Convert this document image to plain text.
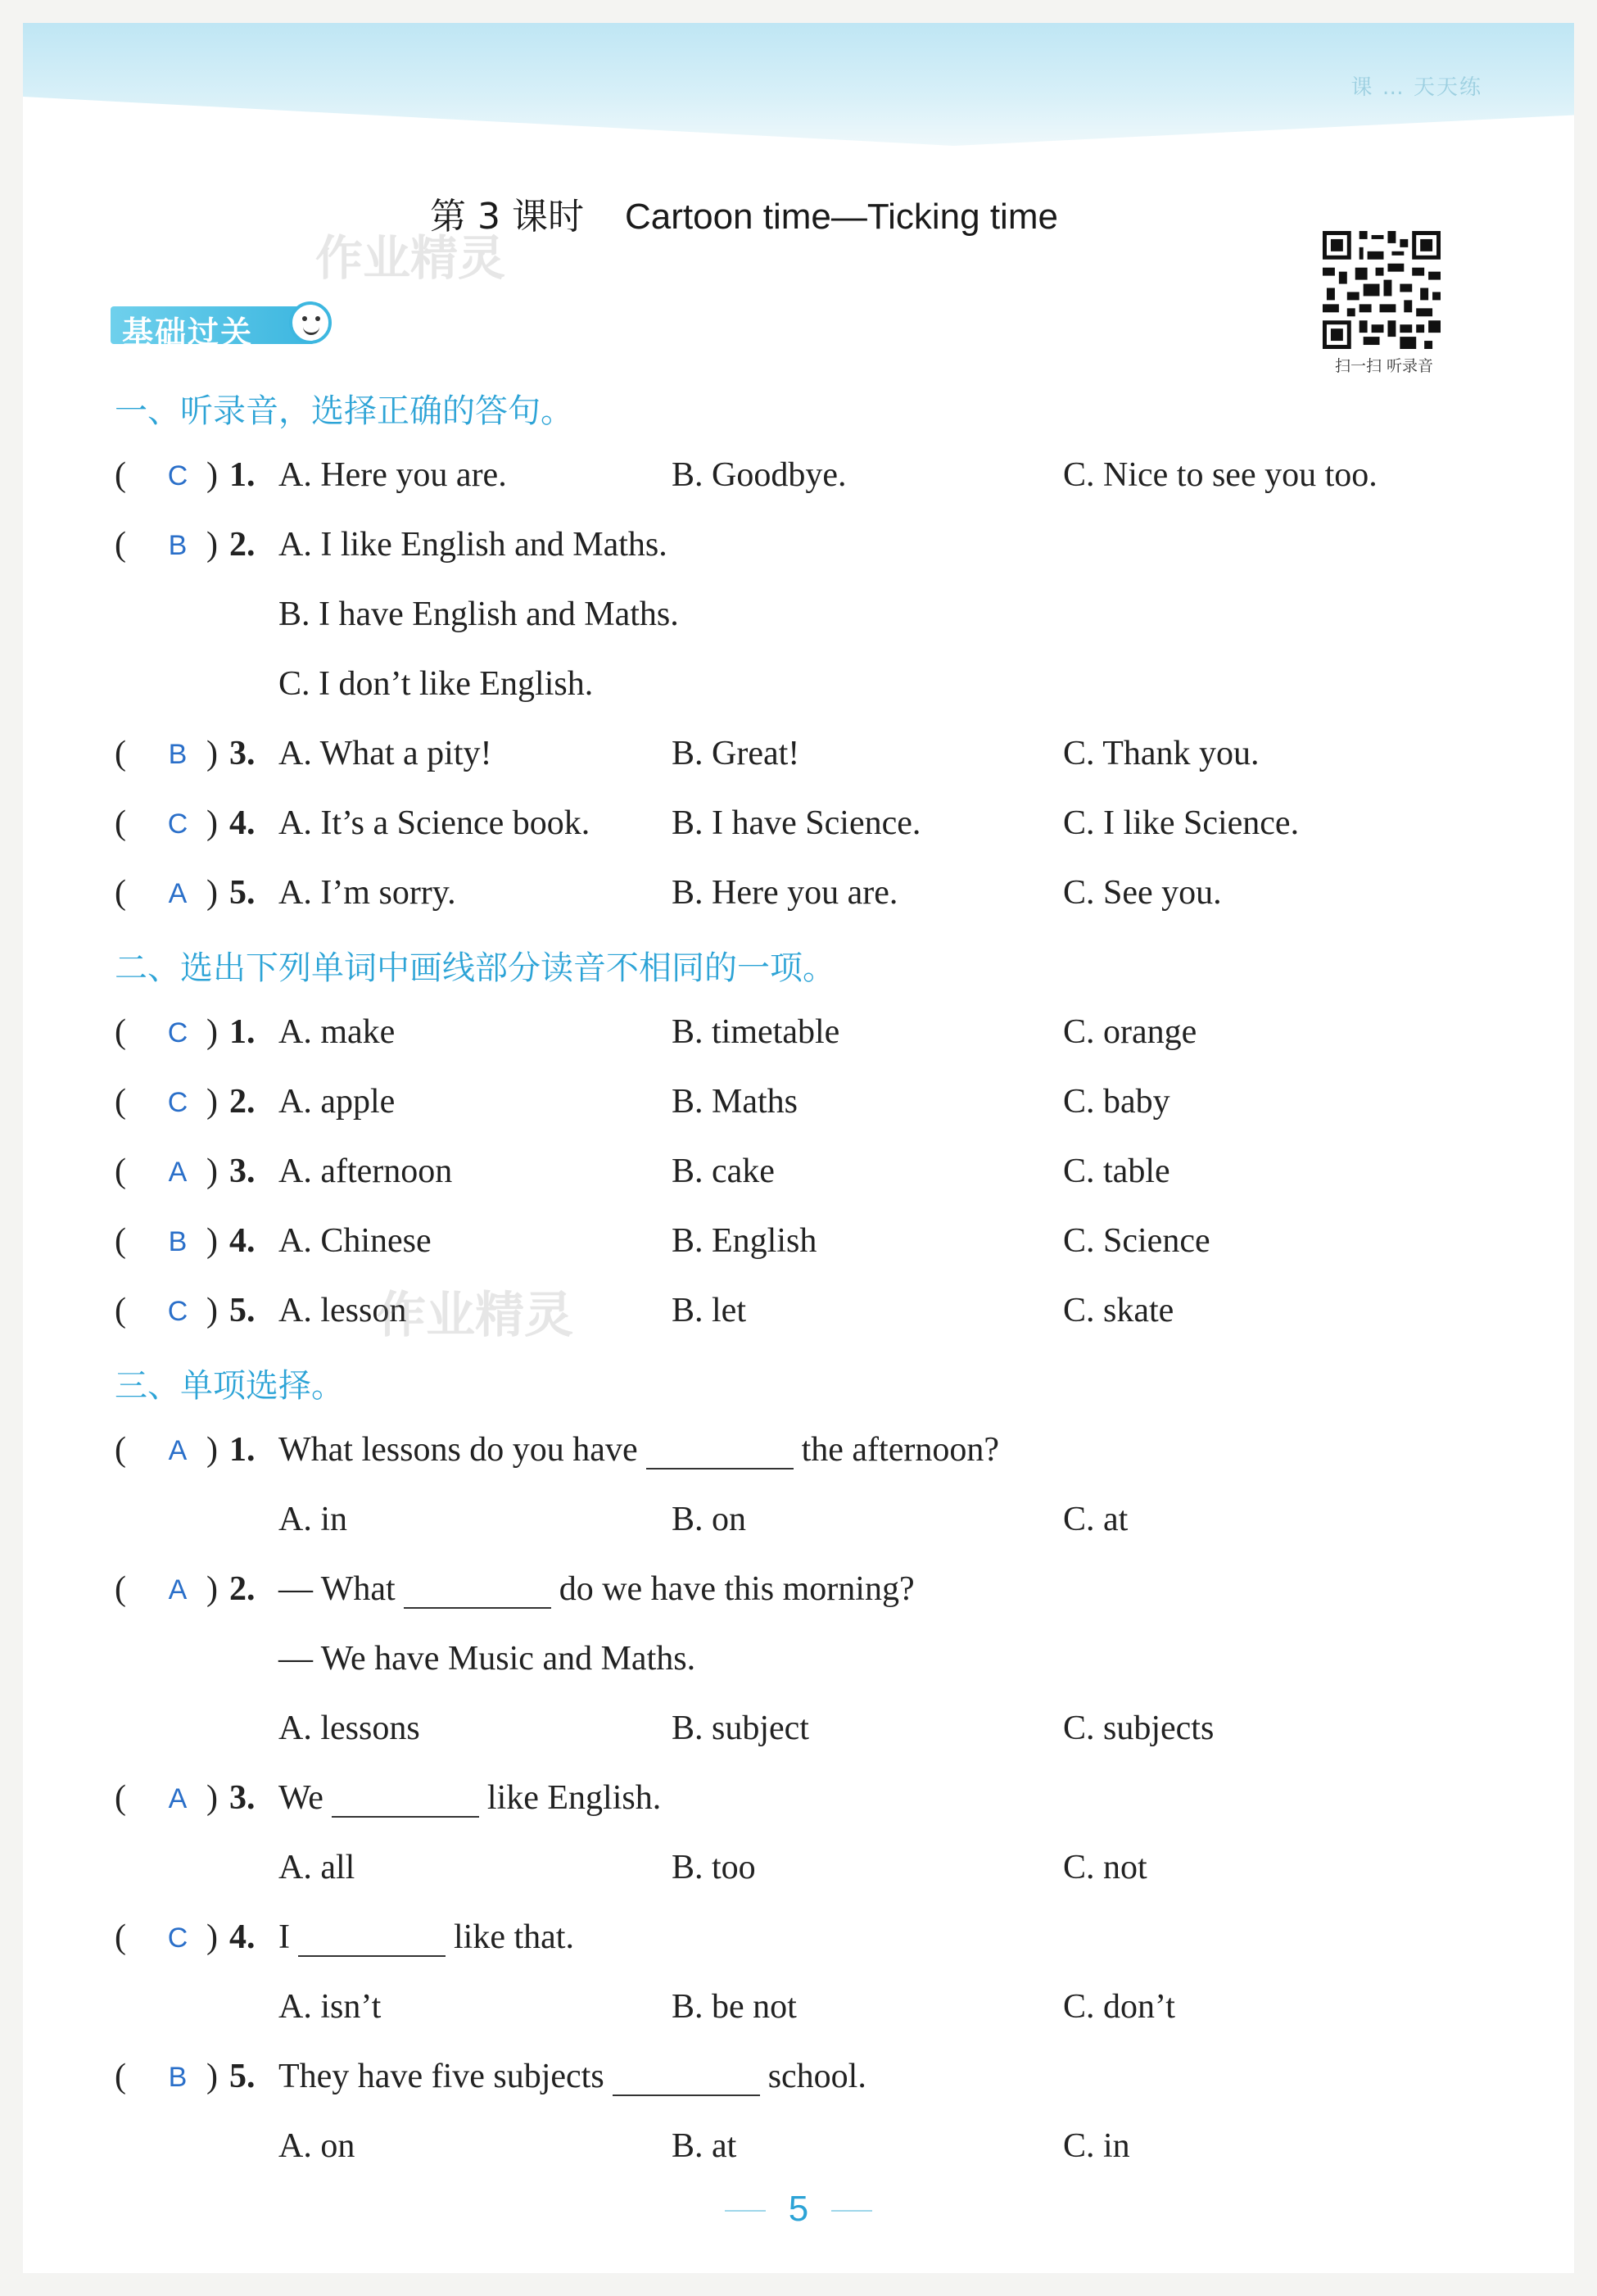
课 … 天天练
第 3 课时 Cartoon time—Ticking time
作业精灵
扫一扫 听录音
基础过关
一、听录音，选择正确的答句。
(	C ) 1. A. Here you are.	B. Goodbye.	C. Nice to see you too.
(	B ) 2. A. I like English and Maths.
B. I have English and Maths.
C. I don’t like English.
(	B ) 3. A. What a pity!	B. Great!	C. Thank you.
(	C ) 4. A. It’s a Science book. B. I have Science.	C. I like Science.
(	A ) 5. A. I’m sorry.	B. Here you are.	C. See you.
二、选出下列单词中画线部分读音不相同的一项。
(	C ) 1. A. make	B. timetable	C. orange
(	C ) 2. A. apple	B. Maths	C. baby
(	A ) 3. A. afternoon	B. cake	C. table
(	B ) 4. A. Chinese	B. English	C. Science
(	C ) 5. A. lesson	B. let	C. skate
作业精灵
三、单项选择。
(	A ) 1. What lessons do you have	the afternoon?
A. in	B. on	C. at
(	A ) 2. — What	do we have this morning?
— We have Music and Maths.
A. lessons	B. subject	C. subjects
(	A ) 3. We	like English.
A. all	B. too	C. not
(	C ) 4. I	like that.
A. isn’t	B. be not	C. don’t
(	B ) 5. They have five subjects	school.
A. on	B. at	C. in
5
